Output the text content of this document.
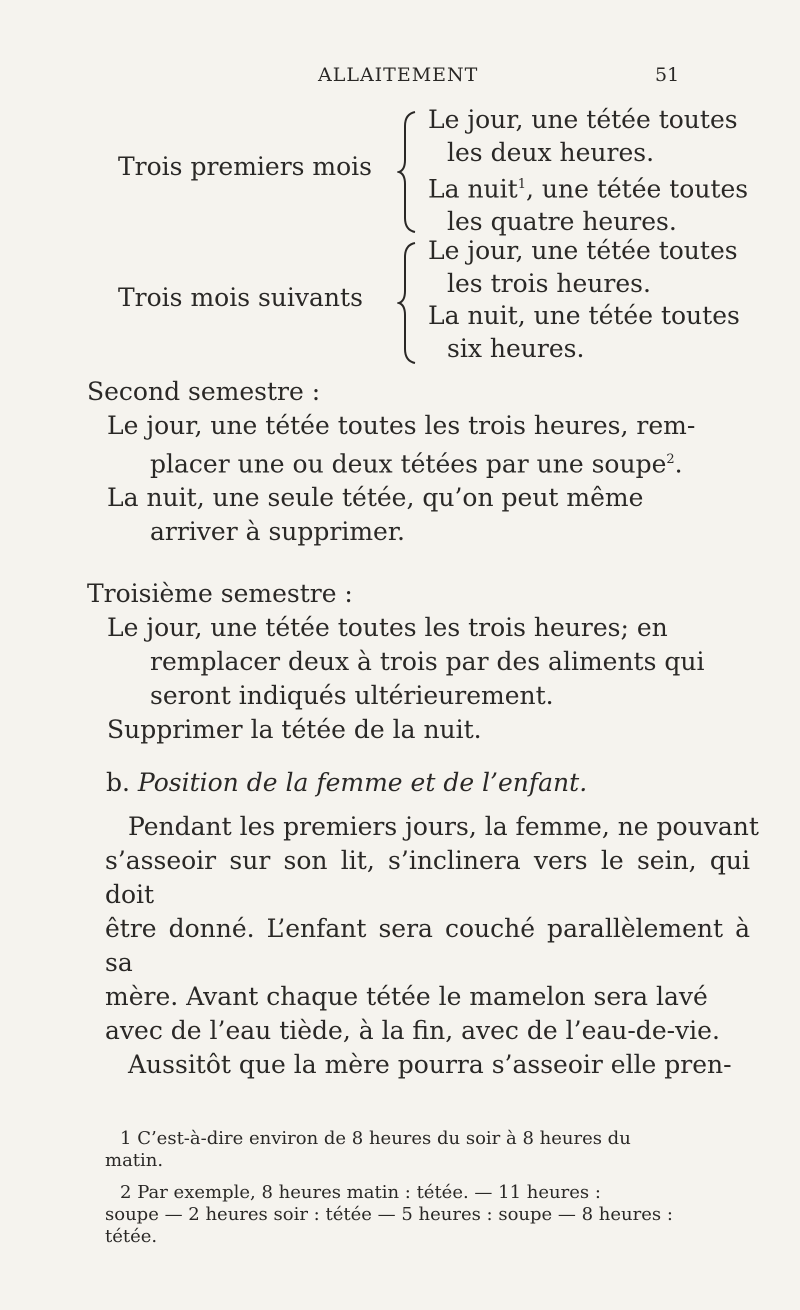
ALLAITEMENT	51
Trois premiers mois

Le jour, une tétée toutes

les deux heures.

La nuit$^1$, une tétée toutes

les quatre heures.

Trois mois suivants

Le jour, une tétée toutes

les trois heures.

La nuit, une tétée toutes

six heures.

Second semestre :

Le jour, une tétée toutes les trois heures, rem-

placer une ou deux tétées par une soupe$^2$.

La nuit, une seule tétée, qu’on peut même

arriver à supprimer.

Troisième semestre :

Le jour, une tétée toutes les trois heures; en

remplacer deux à trois par des aliments qui

seront indiqués ultérieurement.

Supprimer la tétée de la nuit.

b. Position de la femme et de l’enfant.

Pendant les premiers jours, la femme, ne pouvant

s’asseoir sur son lit, s’inclinera vers le sein, qui doit

être donné. L’enfant sera couché parallèlement à sa

mère. Avant chaque tétée le mamelon sera lavé

avec de l’eau tiède, à la fin, avec de l’eau-de-vie.

Aussitôt que la mère pourra s’asseoir elle pren-

1 C’est-à-dire environ de 8 heures du soir à 8 heures du
matin.

2 Par exemple, 8 heures matin : tétée. — 11 heures :
soupe — 2 heures soir : tétée — 5 heures : soupe — 8 heures :
tétée.
